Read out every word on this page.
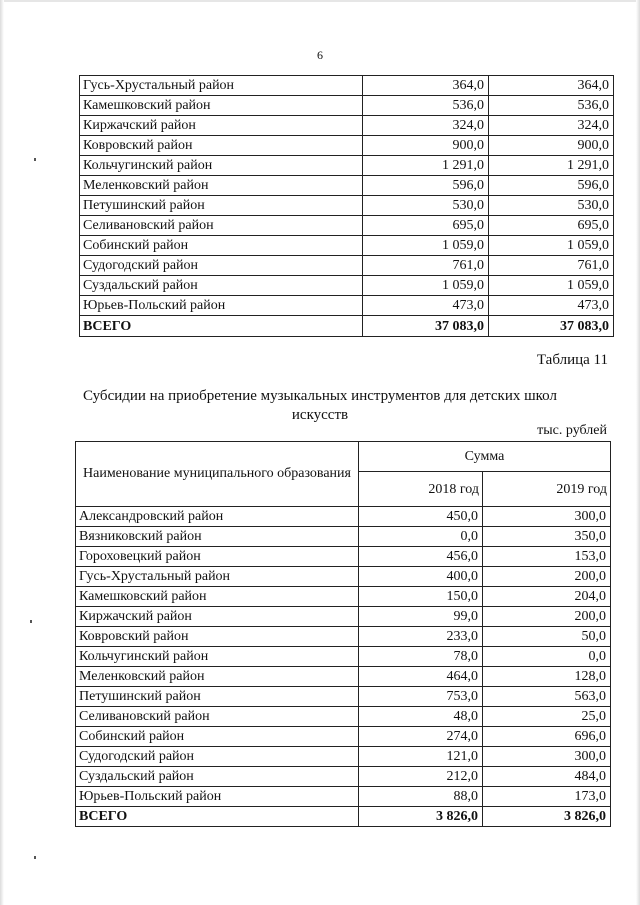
6
Гусь-Хрустальный район	364,0	364,0
Камешковский район	536,0	536,0
Киржачский район	324,0	324,0
Ковровский район	900,0	900,0
Кольчугинский район	1 291,0	1 291,0
Меленковский район	596,0	596,0
Петушинский район	530,0	530,0
Селивановский район	695,0	695,0
Собинский район	1 059,0	1 059,0
Судогодский район	761,0	761,0
Суздальский район	1 059,0	1 059,0
Юрьев-Польский район	473,0	473,0
ВСЕГО	37 083,0	37 083,0
Таблица 11
Субсидии на приобретение музыкальных инструментов для детских школ искусств
тыс. рублей
Наименование муниципального образования	Сумма	
	2018 год	2019 год
Александровский район	450,0	300,0
Вязниковский район	0,0	350,0
Гороховецкий район	456,0	153,0
Гусь-Хрустальный район	400,0	200,0
Камешковский район	150,0	204,0
Киржачский район	99,0	200,0
Ковровский район	233,0	50,0
Кольчугинский район	78,0	0,0
Меленковский район	464,0	128,0
Петушинский район	753,0	563,0
Селивановский район	48,0	25,0
Собинский район	274,0	696,0
Судогодский район	121,0	300,0
Суздальский район	212,0	484,0
Юрьев-Польский район	88,0	173,0
ВСЕГО	3 826,0	3 826,0
